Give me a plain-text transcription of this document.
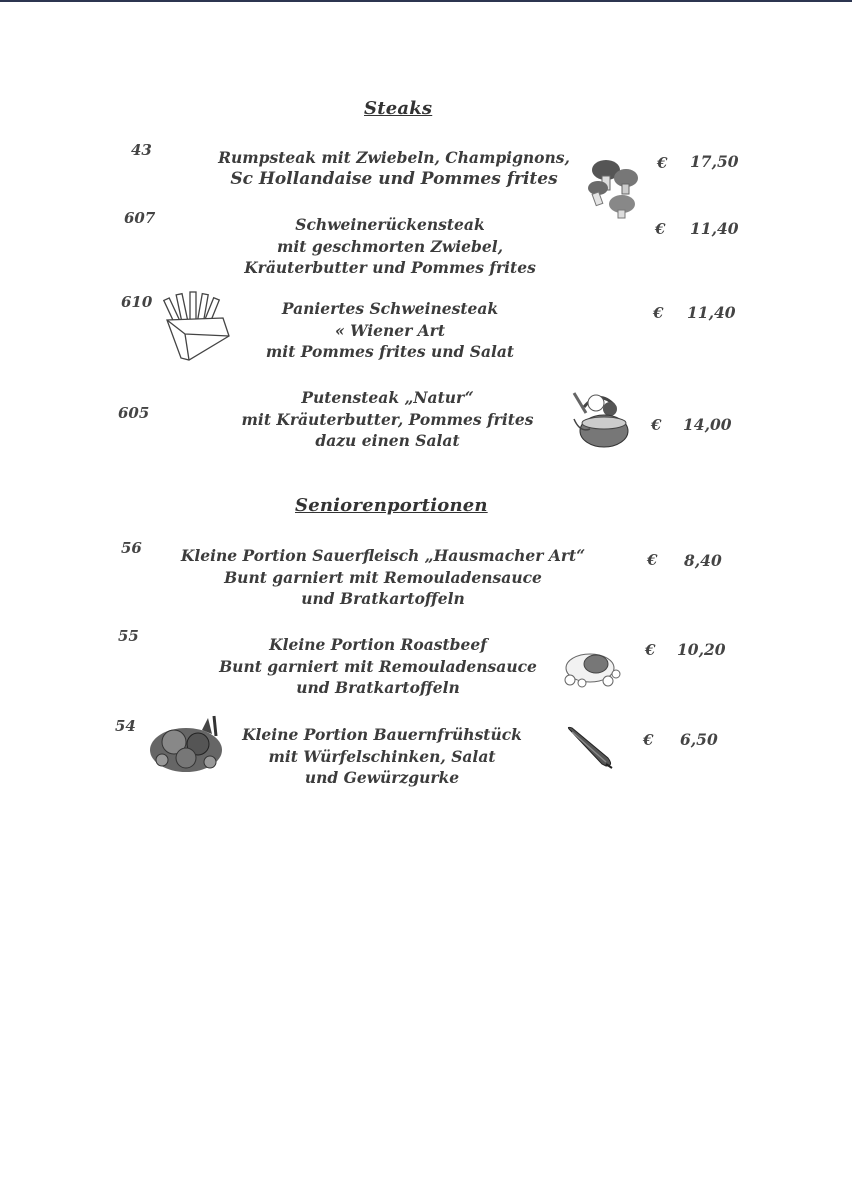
Steaks
43	Rumpsteak mit Zwiebeln, Champignons,
Sc Hollandaise und Pommes frites
€ 17,50
607	Schweinerückensteak
mit geschmorten Zwiebel,
Kräuterbutter und Pommes frites
€ 11,40
610	Paniertes Schweinesteak
« Wiener Art
mit Pommes frites und Salat
€ 11,40
605
Putensteak „Natur“
mit Kräuterbutter, Pommes frites
dazu einen Salat
€ 14,00
Seniorenportionen
56	Kleine Portion Sauerfleisch „Hausmacher Art“
Bunt garniert mit Remouladensauce
und Bratkartoffeln
€ 8,40
55	Kleine Portion Roastbeef
Bunt garniert mit Remouladensauce
und Bratkartoffeln
€ 10,20
54	Kleine Portion Bauernfrühstück
mit Würfelschinken, Salat
und Gewürzgurke
€ 6,50
